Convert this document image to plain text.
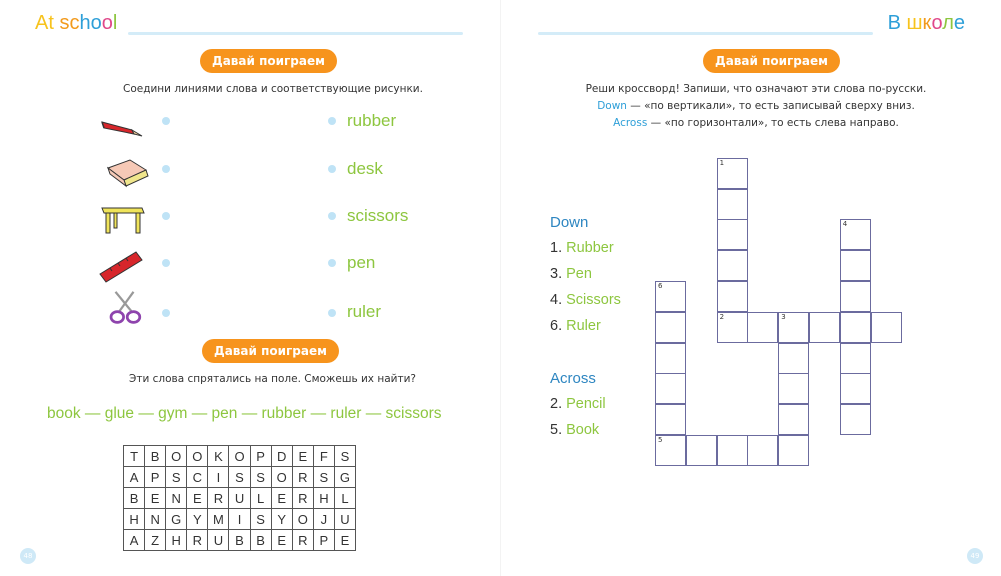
At school
Давай поиграем
Соедини линиями слова и соответствующие рисунки.
rubber
desk
scissors
pen
ruler
Давай поиграем
Эти слова спрятались на поле. Сможешь их найти?
book — glue — gym — pen — rubber — ruler — scissors
T	B	O	O	K	O	P	D	E	F	S
A	P	S	C	I	S	S	O	R	S	G
B	E	N	E	R	U	L	E	R	H	L
H	N	G	Y	M	I	S	Y	O	J	U
A	Z	H	R	U	B	B	E	R	P	E
48
В школе
Давай поиграем
Реши кроссворд! Запиши, что означают эти слова по-русски.
Down — «по вертикали», то есть записывай сверху вниз.
Across — «по горизонтали», то есть слева направо.
Down
1. Rubber
3. Pen
4. Scissors
6. Ruler
Across
2. Pencil
5. Book
1
2	3
4
6
5
49
